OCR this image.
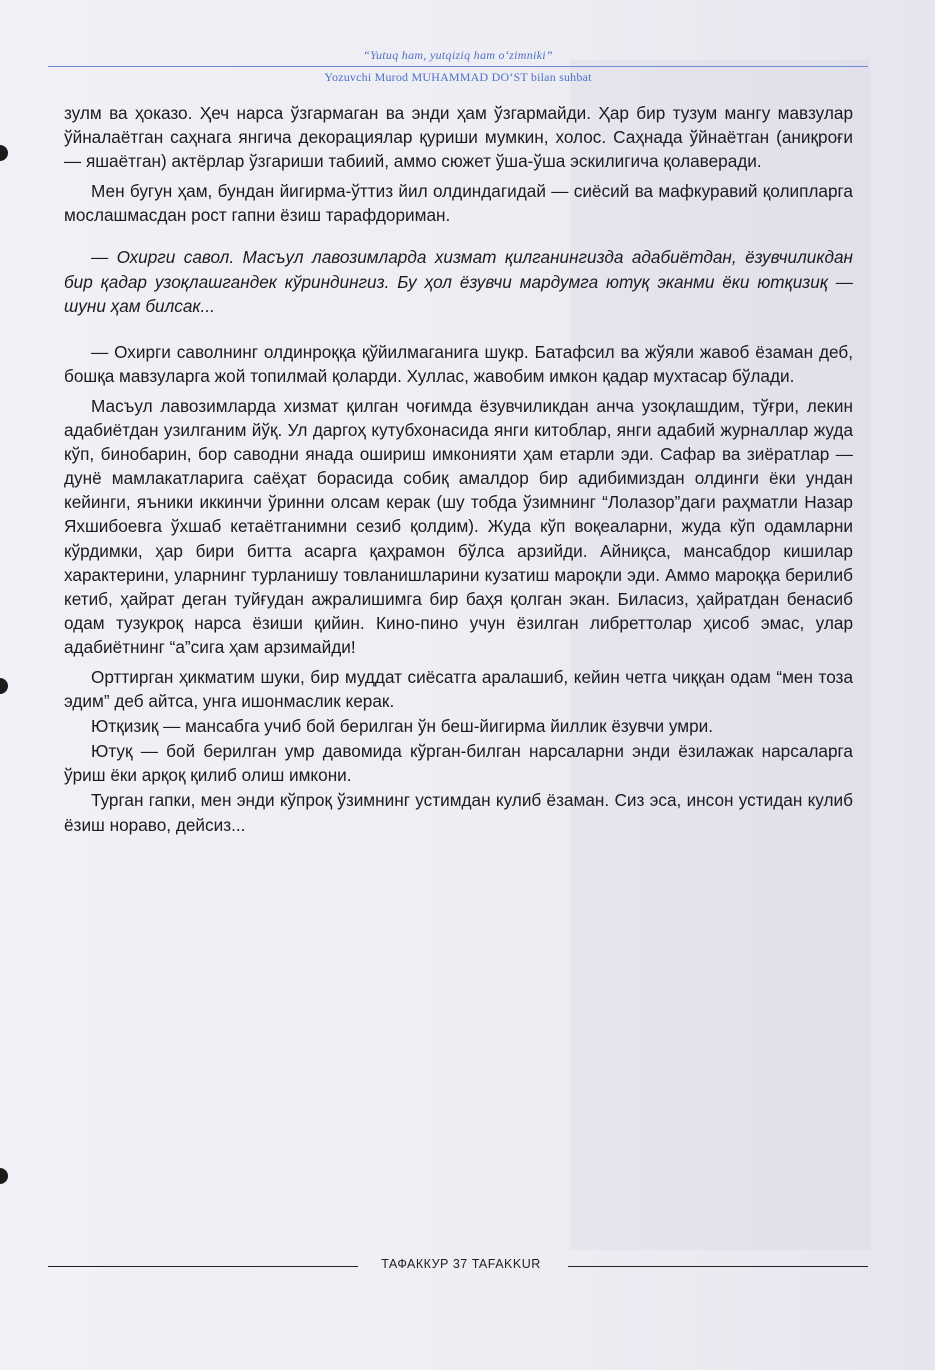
“Yutuq ham, yutqiziq ham o‘zimniki”
Yozuvchi Murod MUHAMMAD DO‘ST bilan suhbat

зулм ва ҳоказо. Ҳеч нарса ўзгармаган ва энди ҳам ўзгармайди. Ҳар бир тузум мангу мавзулар ўйналаётган саҳнага янгича декорациялар қуриши мумкин, холос. Саҳнада ўйнаётган (аниқроғи — яшаётган) актёрлар ўзгариши табиий, аммо сюжет ўша-ўша эскилигича қолаверади.

Мен бугун ҳам, бундан йигирма-ўттиз йил олдиндагидай — сиёсий ва мафкуравий қолипларга мослашмасдан рост гапни ёзиш тарафдориман.

— Охирги савол. Масъул лавозимларда хизмат қилганингизда адабиётдан, ёзувчиликдан бир қадар узоқлашгандек кўриндингиз. Бу ҳол ёзувчи мардумга ютуқ эканми ёки ютқизиқ — шуни ҳам билсак...

— Охирги саволнинг олдинроққа қўйилмаганига шукр. Батафсил ва жўяли жавоб ёзаман деб, бошқа мавзуларга жой топилмай қоларди. Хуллас, жавобим имкон қадар мухтасар бўлади.

Масъул лавозимларда хизмат қилган чоғимда ёзувчиликдан анча узоқлашдим, тўғри, лекин адабиётдан узилганим йўқ. Ул даргоҳ кутубхонасида янги китоблар, янги адабий журналлар жуда кўп, бинобарин, бор саводни янада ошириш имконияти ҳам етарли эди. Сафар ва зиёратлар — дунё мамлакатларига саёҳат борасида собиқ амалдор бир адибимиздан олдинги ёки ундан кейинги, яъники иккинчи ўринни олсам керак (шу тобда ўзимнинг “Лолазор”даги раҳматли Назар Яхшибоевга ўхшаб кетаётганимни сезиб қолдим). Жуда кўп воқеаларни, жуда кўп одамларни кўрдимки, ҳар бири битта асарга қаҳрамон бўлса арзийди. Айниқса, мансабдор кишилар характерини, уларнинг турланишу товланишларини кузатиш мароқли эди. Аммо мароққа берилиб кетиб, ҳайрат деган туйғудан ажралишимга бир баҳя қолган экан. Биласиз, ҳайратдан бенасиб одам тузукроқ нарса ёзиши қийин. Кино-пино учун ёзилган либреттолар ҳисоб эмас, улар адабиётнинг “а”сига ҳам арзимайди!

Орттирган ҳикматим шуки, бир муддат сиёсатга аралашиб, кейин четга чиққан одам “мен тоза эдим” деб айтса, унга ишонмаслик керак.

Ютқизиқ — мансабга учиб бой берилган ўн беш-йигирма йиллик ёзувчи умри.

Ютуқ — бой берилган умр давомида кўрган-билган нарсаларни энди ёзилажак нарсаларга ўриш ёки арқоқ қилиб олиш имкони.

Турган гапки, мен энди кўпроқ ўзимнинг устимдан кулиб ёзаман. Сиз эса, инсон устидан кулиб ёзиш нораво, дейсиз...

ТАФАККУР 37 TAFAKKUR
